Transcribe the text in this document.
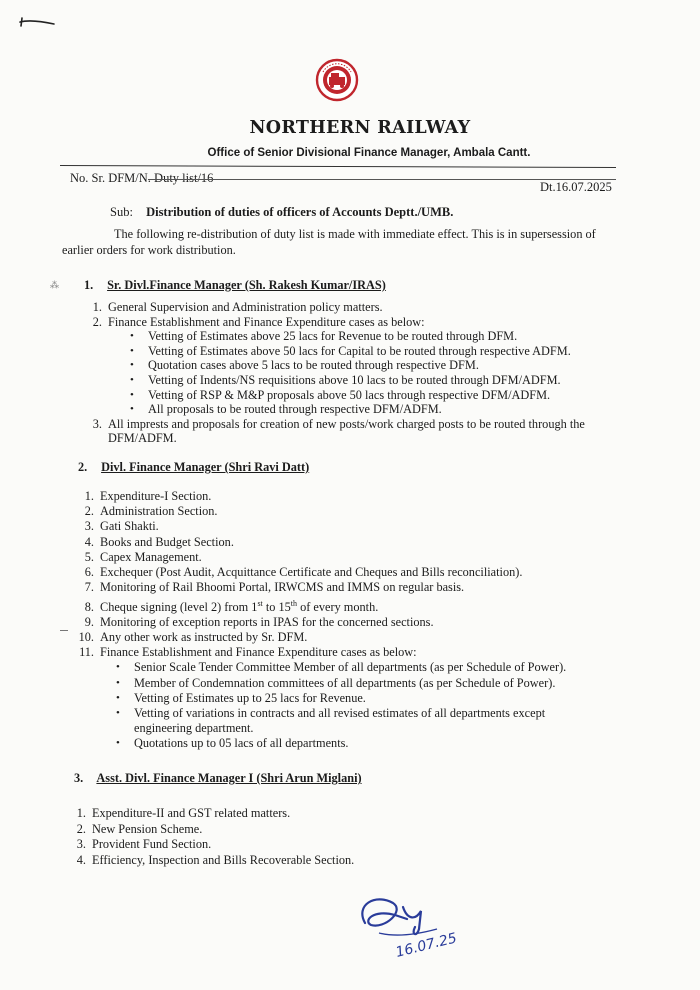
NORTHERN RAILWAY
Office of Senior Divisional Finance Manager, Ambala Cantt.
No. Sr. DFM/N. Duty list/16
Dt.16.07.2025
Sub: Distribution of duties of officers of Accounts Deptt./UMB.
The following re-distribution of duty list is made with immediate effect. This is in supersession of earlier orders for work distribution.
⁂ 1. Sr. Divl.Finance Manager (Sh. Rakesh Kumar/IRAS)
1. General Supervision and Administration policy matters.
2. Finance Establishment and Finance Expenditure cases as below:
• Vetting of Estimates above 25 lacs for Revenue to be routed through DFM.
• Vetting of Estimates above 50 lacs for Capital to be routed through respective ADFM.
• Quotation cases above 5 lacs to be routed through respective DFM.
• Vetting of Indents/NS requisitions above 10 lacs to be routed through DFM/ADFM.
• Vetting of RSP & M&P proposals above 50 lacs through respective DFM/ADFM.
• All proposals to be routed through respective DFM/ADFM.
3. All imprests and proposals for creation of new posts/work charged posts to be routed through the DFM/ADFM.
2. Divl. Finance Manager (Shri Ravi Datt)
1. Expenditure-I Section.
2. Administration Section.
3. Gati Shakti.
4. Books and Budget Section.
5. Capex Management.
6. Exchequer (Post Audit, Acquittance Certificate and Cheques and Bills reconciliation).
7. Monitoring of Rail Bhoomi Portal, IRWCMS and IMMS on regular basis.
8. Cheque signing (level 2) from 1st to 15th of every month.
9. Monitoring of exception reports in IPAS for the concerned sections.
10. Any other work as instructed by Sr. DFM.
11. Finance Establishment and Finance Expenditure cases as below:
• Senior Scale Tender Committee Member of all departments (as per Schedule of Power).
• Member of Condemnation committees of all departments (as per Schedule of Power).
• Vetting of Estimates up to 25 lacs for Revenue.
• Vetting of variations in contracts and all revised estimates of all departments except engineering department.
• Quotations up to 05 lacs of all departments.
3. Asst. Divl. Finance Manager I (Shri Arun Miglani)
1. Expenditure-II and GST related matters.
2. New Pension Scheme.
3. Provident Fund Section.
4. Efficiency, Inspection and Bills Recoverable Section.
16.07.25
